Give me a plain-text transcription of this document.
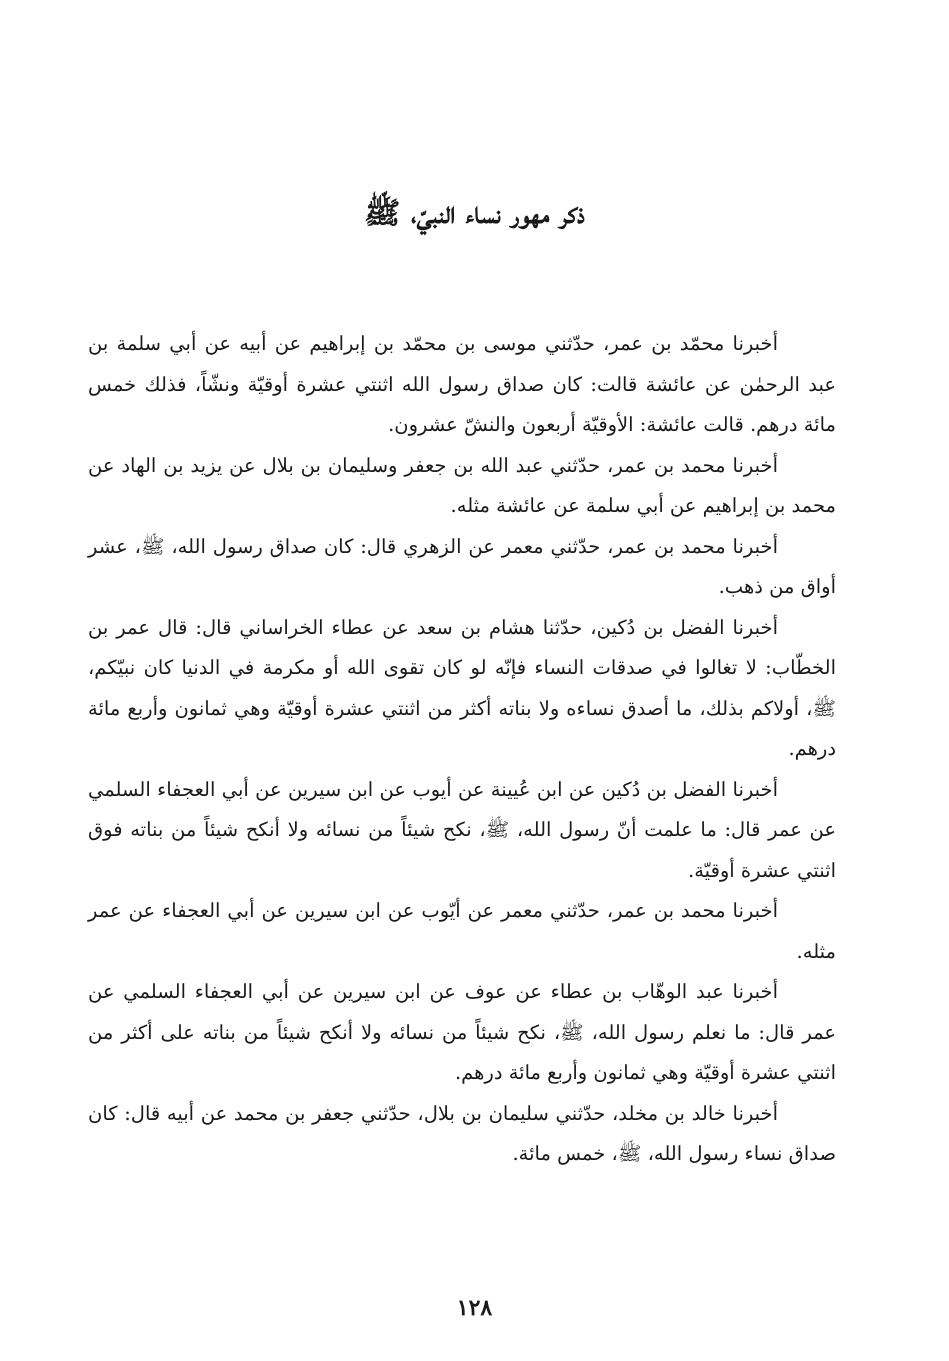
ذكر مهور نساء النبيّ، ﷺ

أخبرنا محمّد بن عمر، حدّثني موسى بن محمّد بن إبراهيم عن أبيه عن أبي سلمة بن عبد الرحمٰن عن عائشة قالت: كان صداق رسول الله اثنتي عشرة أوقيّة ونشّاً، فذلك خمس مائة درهم. قالت عائشة: الأوقيّة أربعون والنشّ عشرون.

أخبرنا محمد بن عمر، حدّثني عبد الله بن جعفر وسليمان بن بلال عن يزيد بن الهاد عن محمد بن إبراهيم عن أبي سلمة عن عائشة مثله.

أخبرنا محمد بن عمر، حدّثني معمر عن الزهري قال: كان صداق رسول الله، ﷺ، عشر أواق من ذهب.

أخبرنا الفضل بن دُكين، حدّثنا هشام بن سعد عن عطاء الخراساني قال: قال عمر بن الخطّاب: لا تغالوا في صدقات النساء فإنّه لو كان تقوى الله أو مكرمة في الدنيا كان نبيّكم، ﷺ، أولاكم بذلك، ما أصدق نساءه ولا بناته أكثر من اثنتي عشرة أوقيّة وهي ثمانون وأربع مائة درهم.

أخبرنا الفضل بن دُكين عن ابن عُيينة عن أيوب عن ابن سيرين عن أبي العجفاء السلمي عن عمر قال: ما علمت أنّ رسول الله، ﷺ، نكح شيئاً من نسائه ولا أنكح شيئاً من بناته فوق اثنتي عشرة أوقيّة.

أخبرنا محمد بن عمر، حدّثني معمر عن أيّوب عن ابن سيرين عن أبي العجفاء عن عمر مثله.

أخبرنا عبد الوهّاب بن عطاء عن عوف عن ابن سيرين عن أبي العجفاء السلمي عن عمر قال: ما نعلم رسول الله، ﷺ، نكح شيئاً من نسائه ولا أنكح شيئاً من بناته على أكثر من اثنتي عشرة أوقيّة وهي ثمانون وأربع مائة درهم.

أخبرنا خالد بن مخلد، حدّثني سليمان بن بلال، حدّثني جعفر بن محمد عن أبيه قال: كان صداق نساء رسول الله، ﷺ، خمس مائة.

١٢٨
